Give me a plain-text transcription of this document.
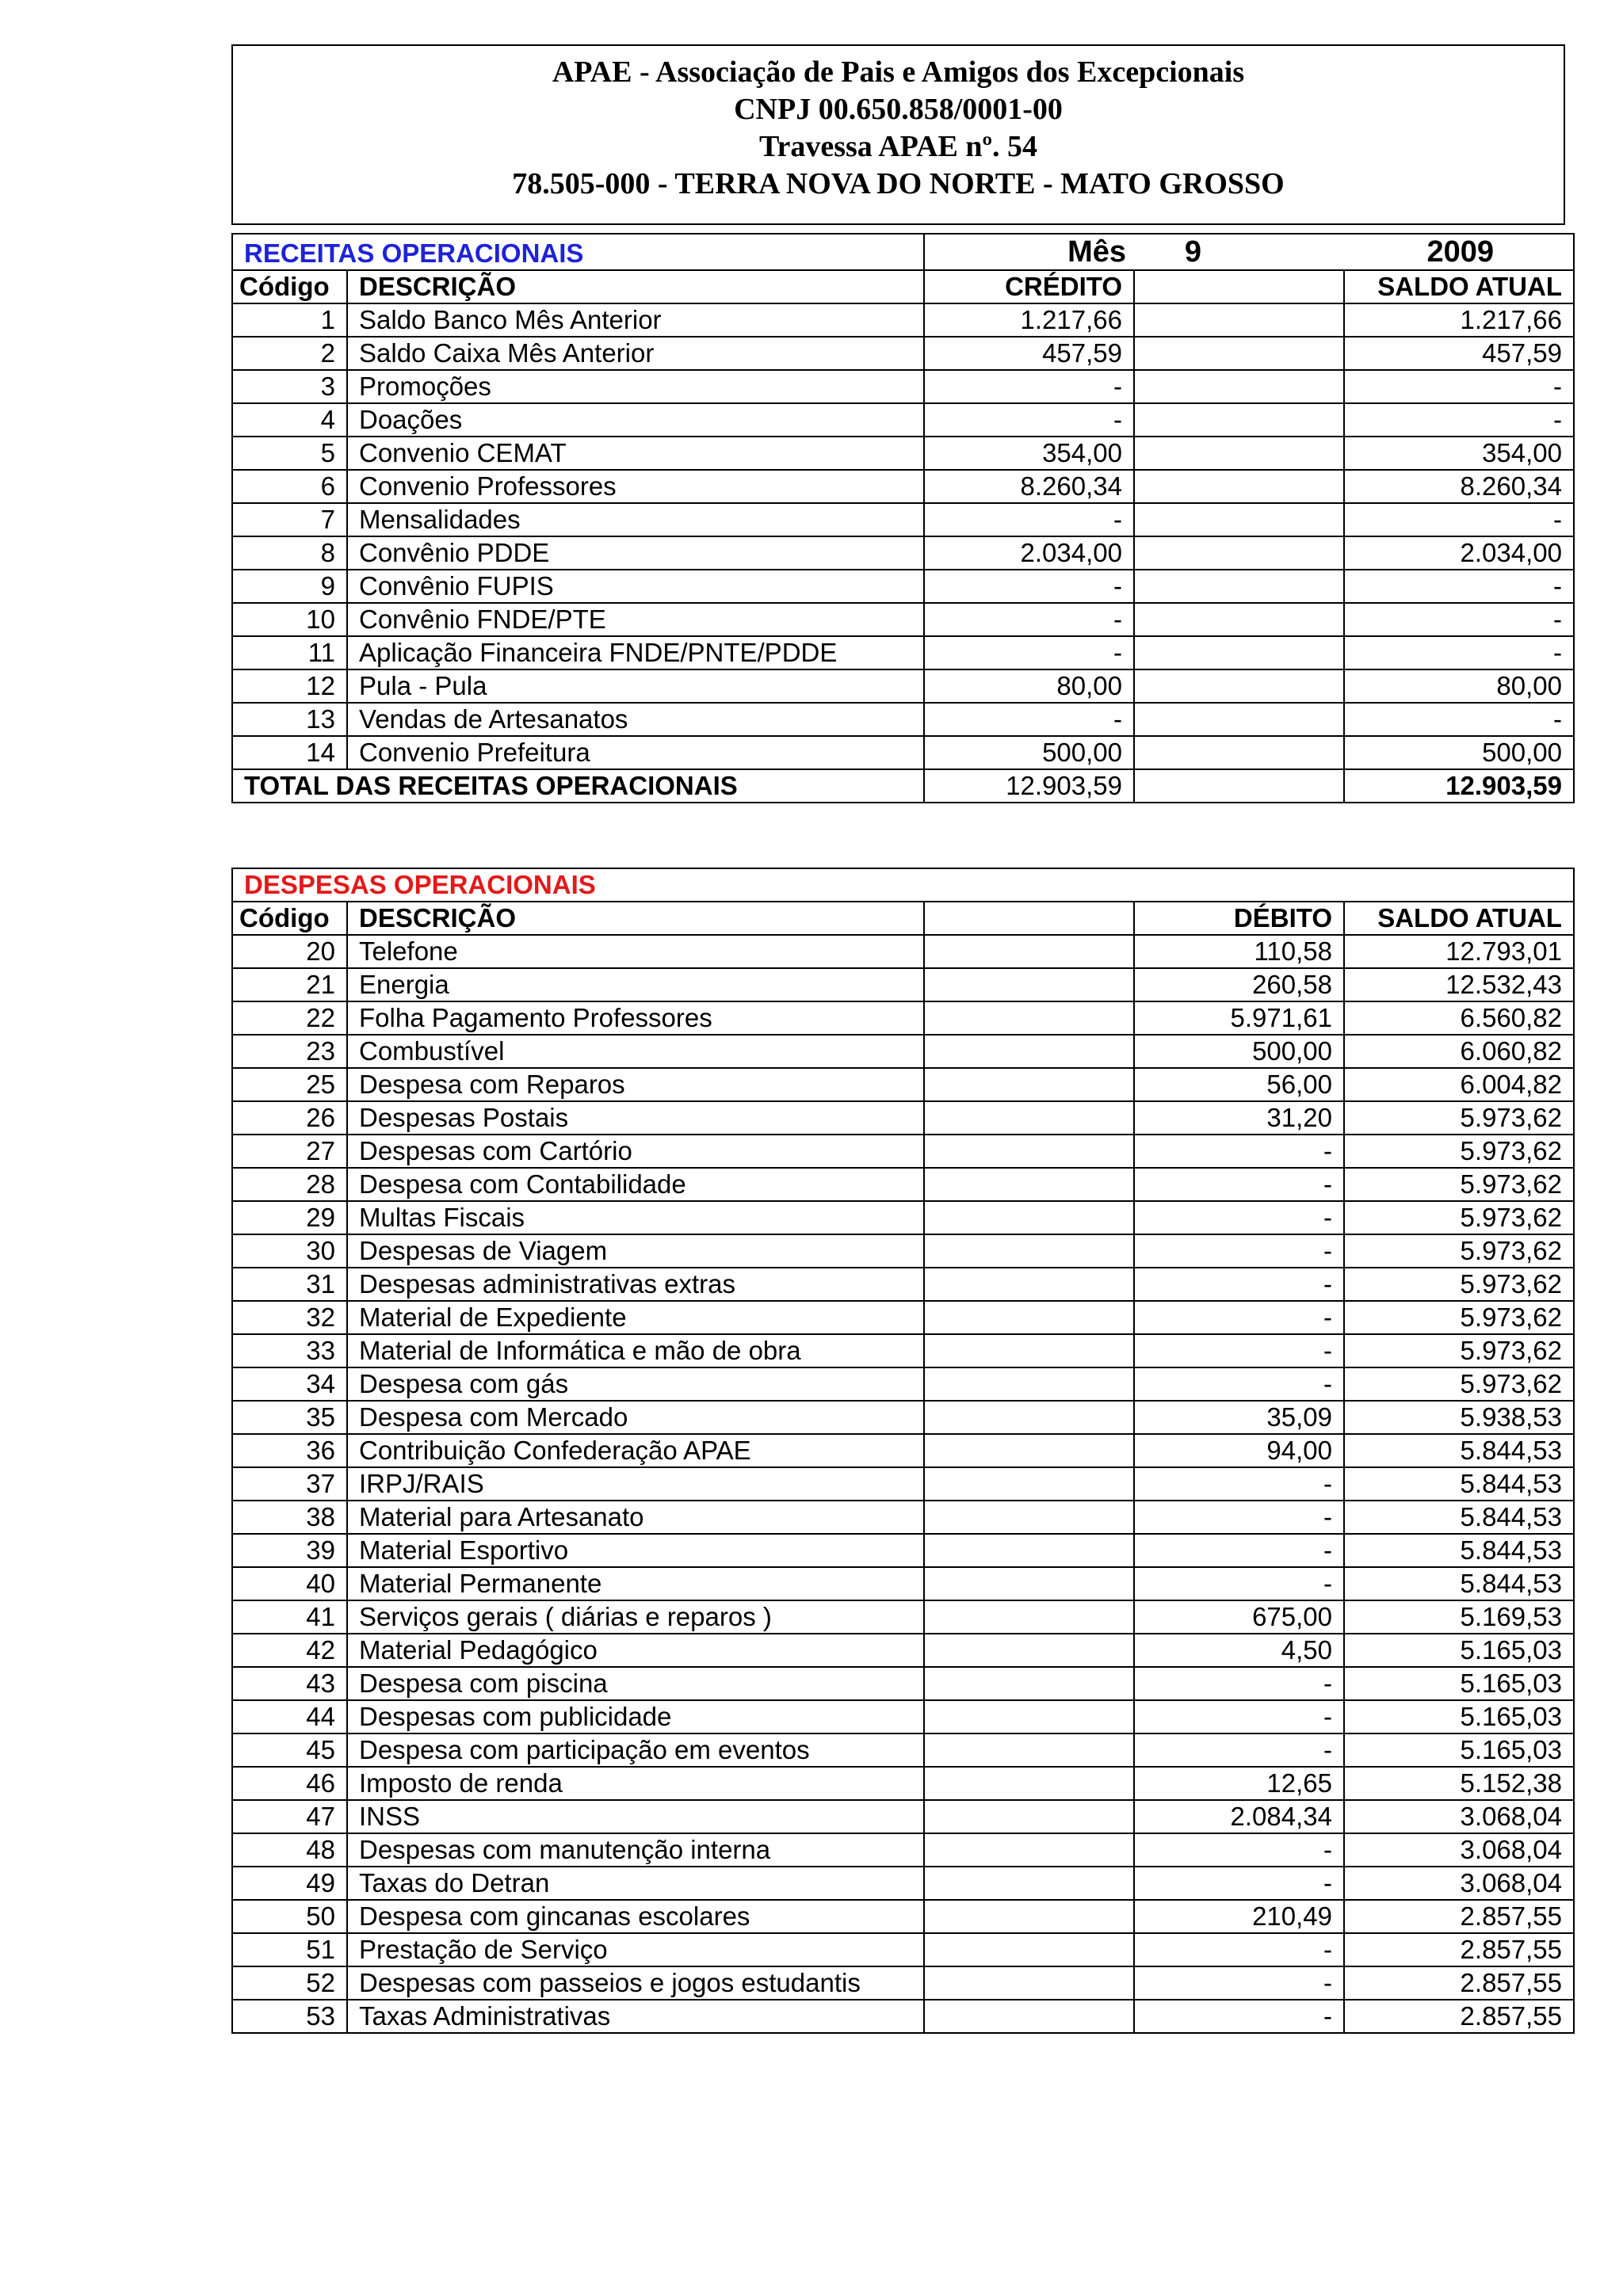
APAE - Associação de Pais e Amigos dos Excepcionais
CNPJ 00.650.858/0001-00
Travessa APAE nº. 54
78.505-000 - TERRA NOVA DO NORTE - MATO GROSSO
RECEITAS OPERACIONAIS		Mês	9	2009
Código	DESCRIÇÃO	CRÉDITO		SALDO ATUAL
1	Saldo Banco Mês Anterior	1.217,66		1.217,66
2	Saldo Caixa Mês Anterior	457,59		457,59
3	Promoções	-		-
4	Doações	-		-
5	Convenio CEMAT	354,00		354,00
6	Convenio Professores	8.260,34		8.260,34
7	Mensalidades	-		-
8	Convênio PDDE	2.034,00		2.034,00
9	Convênio FUPIS	-		-
10	Convênio FNDE/PTE	-		-
11	Aplicação Financeira FNDE/PNTE/PDDE	-		-
12	Pula - Pula	80,00		80,00
13	Vendas de Artesanatos	-		-
14	Convenio Prefeitura	500,00		500,00
TOTAL DAS RECEITAS OPERACIONAIS		12.903,59		12.903,59
DESPESAS OPERACIONAIS				
Código	DESCRIÇÃO		DÉBITO	SALDO ATUAL
20	Telefone		110,58	12.793,01
21	Energia		260,58	12.532,43
22	Folha Pagamento Professores		5.971,61	6.560,82
23	Combustível		500,00	6.060,82
25	Despesa com Reparos		56,00	6.004,82
26	Despesas Postais		31,20	5.973,62
27	Despesas com Cartório		-	5.973,62
28	Despesa com Contabilidade		-	5.973,62
29	Multas Fiscais		-	5.973,62
30	Despesas de Viagem		-	5.973,62
31	Despesas administrativas extras		-	5.973,62
32	Material de Expediente		-	5.973,62
33	Material de Informática e mão de obra		-	5.973,62
34	Despesa com gás		-	5.973,62
35	Despesa com Mercado		35,09	5.938,53
36	Contribuição Confederação APAE		94,00	5.844,53
37	IRPJ/RAIS		-	5.844,53
38	Material para Artesanato		-	5.844,53
39	Material Esportivo		-	5.844,53
40	Material Permanente		-	5.844,53
41	Serviços gerais ( diárias e reparos )		675,00	5.169,53
42	Material Pedagógico		4,50	5.165,03
43	Despesa com piscina		-	5.165,03
44	Despesas com publicidade		-	5.165,03
45	Despesa com participação em eventos		-	5.165,03
46	Imposto de renda		12,65	5.152,38
47	INSS		2.084,34	3.068,04
48	Despesas com manutenção interna		-	3.068,04
49	Taxas do Detran		-	3.068,04
50	Despesa com gincanas escolares		210,49	2.857,55
51	Prestação de Serviço		-	2.857,55
52	Despesas com passeios e jogos estudantis		-	2.857,55
53	Taxas Administrativas		-	2.857,55
